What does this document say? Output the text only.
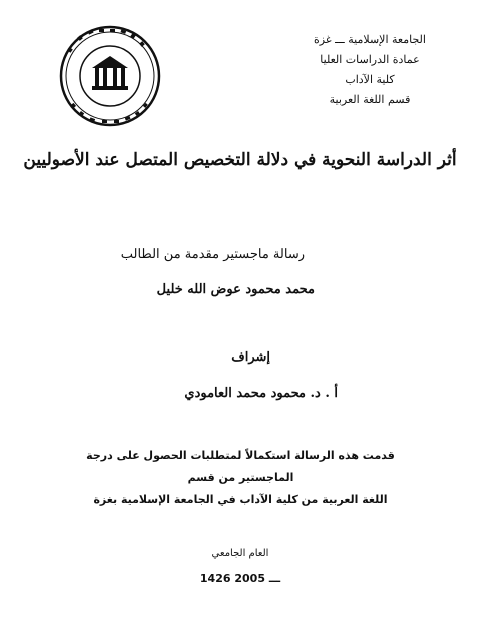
الجامعة الإسلامية ـــ غزة
عمادة الدراسات العليا
كلية الآداب
قسم اللغة العربية
أثر الدراسة النحوية في دلالة التخصيص المتصل عند الأصوليين
رسالة ماجستير مقدمة من الطالب
محمد محمود عوض الله خليل
إشراف
أ . د. محمود محمد العامودي
قدمت هذه الرسالة استكمالاً لمتطلبات الحصول على درجة الماجستير من قسم
اللغة العربية من كلية الآداب في الجامعة الإسلامية بغزة
العام الجامعي
1426 ـــ 2005
